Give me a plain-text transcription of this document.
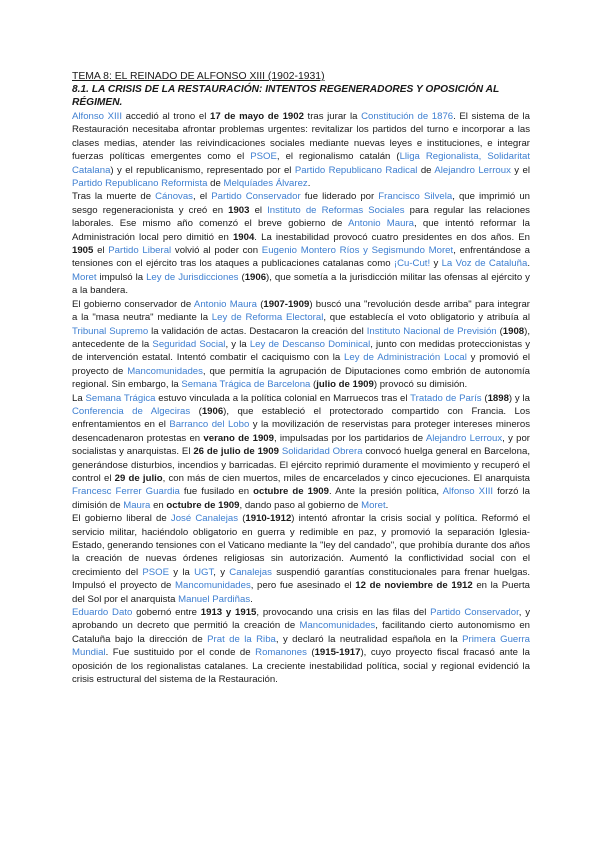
TEMA 8: EL REINADO DE ALFONSO XIII (1902-1931)

8.1. LA CRISIS DE LA RESTAURACIÓN: INTENTOS REGENERADORES Y OPOSICIÓN AL RÉGIMEN.

Alfonso XIII accedió al trono el 17 de mayo de 1902 tras jurar la Constitución de 1876. El sistema de la Restauración necesitaba afrontar problemas urgentes: revitalizar los partidos del turno e incorporar a las clases medias, atender las reivindicaciones sociales mediante nuevas leyes e instituciones, e integrar fuerzas políticas emergentes como el PSOE, el regionalismo catalán (Lliga Regionalista, Solidaritat Catalana) y el republicanismo, representado por el Partido Republicano Radical de Alejandro Lerroux y el Partido Republicano Reformista de Melquíades Álvarez.

Tras la muerte de Cánovas, el Partido Conservador fue liderado por Francisco Silvela, que imprimió un sesgo regeneracionista y creó en 1903 el Instituto de Reformas Sociales para regular las relaciones laborales. Ese mismo año comenzó el breve gobierno de Antonio Maura, que intentó reformar la Administración local pero dimitió en 1904. La inestabilidad provocó cuatro presidentes en dos años. En 1905 el Partido Liberal volvió al poder con Eugenio Montero Ríos y Segismundo Moret, enfrentándose a tensiones con el ejército tras los ataques a publicaciones catalanas como ¡Cu-Cut! y La Voz de Cataluña. Moret impulsó la Ley de Jurisdicciones (1906), que sometía a la jurisdicción militar las ofensas al ejército y a la bandera.

El gobierno conservador de Antonio Maura (1907-1909) buscó una "revolución desde arriba" para integrar a la "masa neutra" mediante la Ley de Reforma Electoral, que establecía el voto obligatorio y atribuía al Tribunal Supremo la validación de actas. Destacaron la creación del Instituto Nacional de Previsión (1908), antecedente de la Seguridad Social, y la Ley de Descanso Dominical, junto con medidas proteccionistas y de intervención estatal. Intentó combatir el caciquismo con la Ley de Administración Local y promovió el proyecto de Mancomunidades, que permitía la agrupación de Diputaciones como embrión de autonomía regional. Sin embargo, la Semana Trágica de Barcelona (julio de 1909) provocó su dimisión.

La Semana Trágica estuvo vinculada a la política colonial en Marruecos tras el Tratado de París (1898) y la Conferencia de Algeciras (1906), que estableció el protectorado compartido con Francia. Los enfrentamientos en el Barranco del Lobo y la movilización de reservistas para proteger intereses mineros desencadenaron protestas en verano de 1909, impulsadas por los partidarios de Alejandro Lerroux, y por socialistas y anarquistas. El 26 de julio de 1909 Solidaridad Obrera convocó huelga general en Barcelona, generándose disturbios, incendios y barricadas. El ejército reprimió duramente el movimiento y recuperó el control el 29 de julio, con más de cien muertos, miles de encarcelados y cinco ejecuciones. El anarquista Francesc Ferrer Guardia fue fusilado en octubre de 1909. Ante la presión política, Alfonso XIII forzó la dimisión de Maura en octubre de 1909, dando paso al gobierno de Moret.

El gobierno liberal de José Canalejas (1910-1912) intentó afrontar la crisis social y política. Reformó el servicio militar, haciéndolo obligatorio en guerra y redimible en paz, y promovió la separación Iglesia-Estado, generando tensiones con el Vaticano mediante la "ley del candado", que prohibía durante dos años la creación de nuevas órdenes religiosas sin autorización. Aumentó la conflictividad social con el crecimiento del PSOE y la UGT, y Canalejas suspendió garantías constitucionales para frenar huelgas. Impulsó el proyecto de Mancomunidades, pero fue asesinado el 12 de noviembre de 1912 en la Puerta del Sol por el anarquista Manuel Pardiñas.

Eduardo Dato gobernó entre 1913 y 1915, provocando una crisis en las filas del Partido Conservador, y aprobando un decreto que permitió la creación de Mancomunidades, facilitando cierto autonomismo en Cataluña bajo la dirección de Prat de la Riba, y declaró la neutralidad española en la Primera Guerra Mundial. Fue sustituido por el conde de Romanones (1915-1917), cuyo proyecto fiscal fracasó ante la oposición de los regionalistas catalanes. La creciente inestabilidad política, social y regional evidenció la crisis estructural del sistema de la Restauración.
